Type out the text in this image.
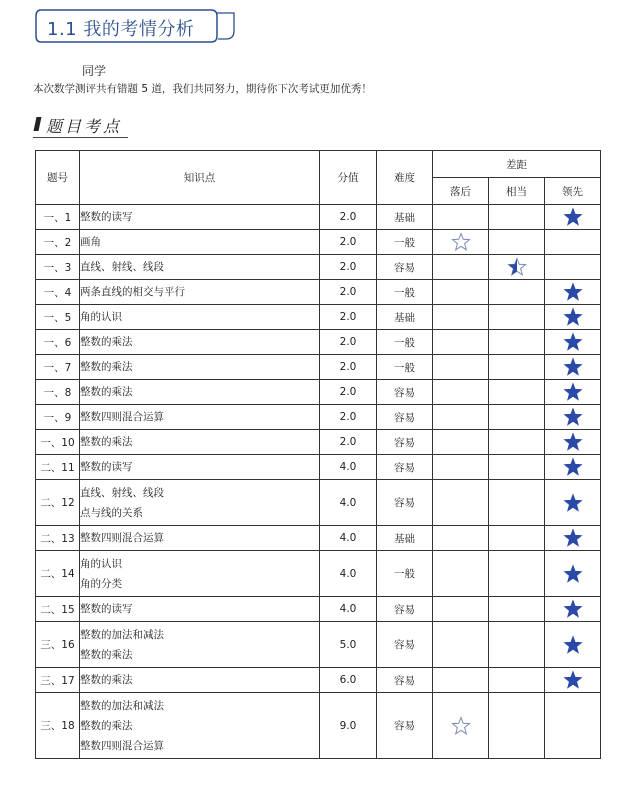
1.1 我的考情分析
同学
本次数学测评共有错题 5 道，我们共同努力，期待你下次考试更加优秀！
题目考点
题号	知识点	分值	难度	差距		
				落后	相当	领先
一、1	整数的读写	2.0	基础			
一、2	画角	2.0	一般			
一、3	直线、射线、线段	2.0	容易			
一、4	两条直线的相交与平行	2.0	一般			
一、5	角的认识	2.0	基础			
一、6	整数的乘法	2.0	一般			
一、7	整数的乘法	2.0	一般			
一、8	整数的乘法	2.0	容易			
一、9	整数四则混合运算	2.0	容易			
一、10	整数的乘法	2.0	容易			
二、11	整数的读写	4.0	容易			
二、12	直线、射线、线段
点与线的关系	4.0	容易			
二、13	整数四则混合运算	4.0	基础			
二、14	角的认识
角的分类	4.0	一般			
二、15	整数的读写	4.0	容易			
三、16	整数的加法和减法
整数的乘法	5.0	容易			
三、17	整数的乘法	6.0	容易			
三、18	整数的加法和减法
整数的乘法
整数四则混合运算	9.0	容易			
